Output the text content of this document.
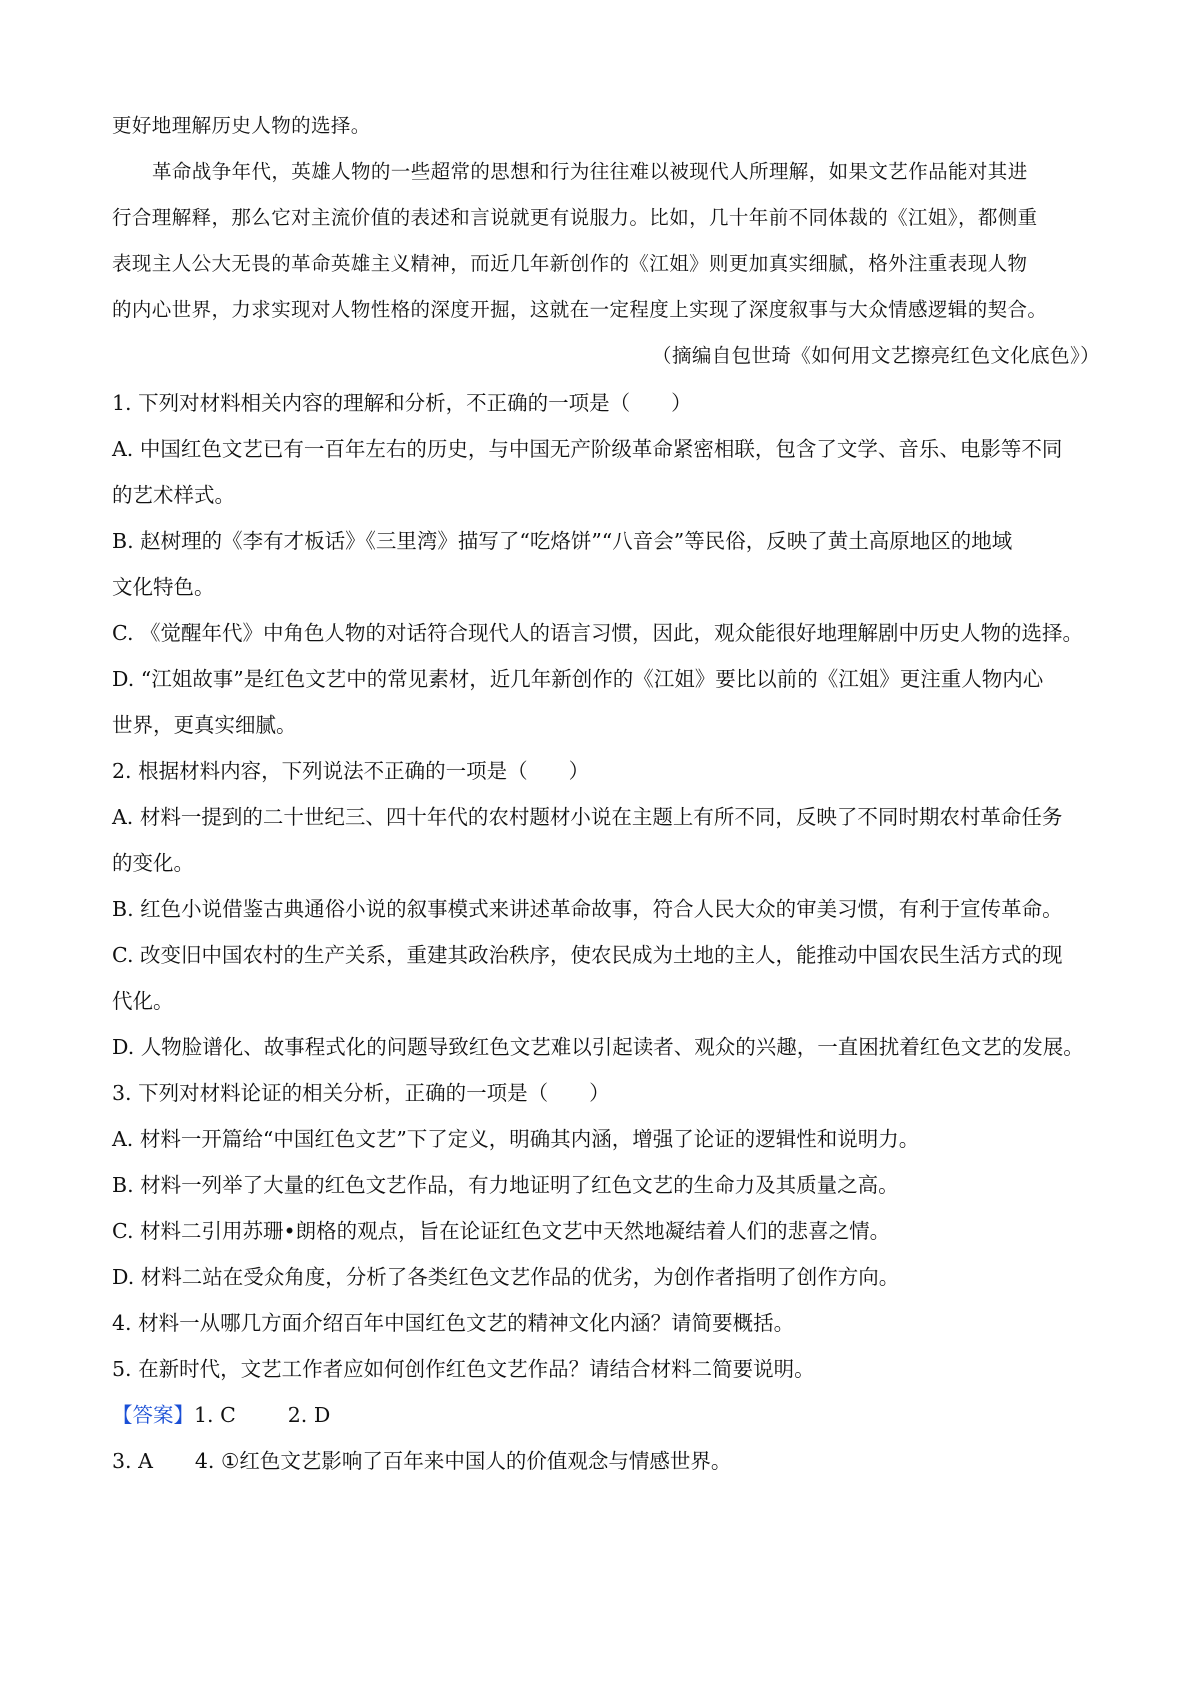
更好地理解历史人物的选择。
革命战争年代，英雄人物的一些超常的思想和行为往往难以被现代人所理解，如果文艺作品能对其进
行合理解释，那么它对主流价值的表述和言说就更有说服力。比如，几十年前不同体裁的《江姐》，都侧重
表现主人公大无畏的革命英雄主义精神，而近几年新创作的《江姐》则更加真实细腻，格外注重表现人物
的内心世界，力求实现对人物性格的深度开掘，这就在一定程度上实现了深度叙事与大众情感逻辑的契合。
（摘编自包世琦《如何用文艺擦亮红色文化底色》）
1. 下列对材料相关内容的理解和分析，不正确的一项是（　　）
A. 中国红色文艺已有一百年左右的历史，与中国无产阶级革命紧密相联，包含了文学、音乐、电影等不同
的艺术样式。
B. 赵树理的《李有才板话》《三里湾》描写了“吃烙饼”“八音会”等民俗，反映了黄土高原地区的地域
文化特色。
C. 《觉醒年代》中角色人物的对话符合现代人的语言习惯，因此，观众能很好地理解剧中历史人物的选择。
D. “江姐故事”是红色文艺中的常见素材，近几年新创作的《江姐》要比以前的《江姐》更注重人物内心
世界，更真实细腻。
2. 根据材料内容，下列说法不正确的一项是（　　）
A. 材料一提到的二十世纪三、四十年代的农村题材小说在主题上有所不同，反映了不同时期农村革命任务
的变化。
B. 红色小说借鉴古典通俗小说的叙事模式来讲述革命故事，符合人民大众的审美习惯，有利于宣传革命。
C. 改变旧中国农村的生产关系，重建其政治秩序，使农民成为土地的主人，能推动中国农民生活方式的现
代化。
D. 人物脸谱化、故事程式化的问题导致红色文艺难以引起读者、观众的兴趣，一直困扰着红色文艺的发展。
3. 下列对材料论证的相关分析，正确的一项是（　　）
A. 材料一开篇给“中国红色文艺”下了定义，明确其内涵，增强了论证的逻辑性和说明力。
B. 材料一列举了大量的红色文艺作品，有力地证明了红色文艺的生命力及其质量之高。
C. 材料二引用苏珊•朗格的观点，旨在论证红色文艺中天然地凝结着人们的悲喜之情。
D. 材料二站在受众角度，分析了各类红色文艺作品的优劣，为创作者指明了创作方向。
4. 材料一从哪几方面介绍百年中国红色文艺的精神文化内涵？请简要概括。
5. 在新时代，文艺工作者应如何创作红色文艺作品？请结合材料二简要说明。
【答案】1. C	2. D
3. A 4. ①红色文艺影响了百年来中国人的价值观念与情感世界。
